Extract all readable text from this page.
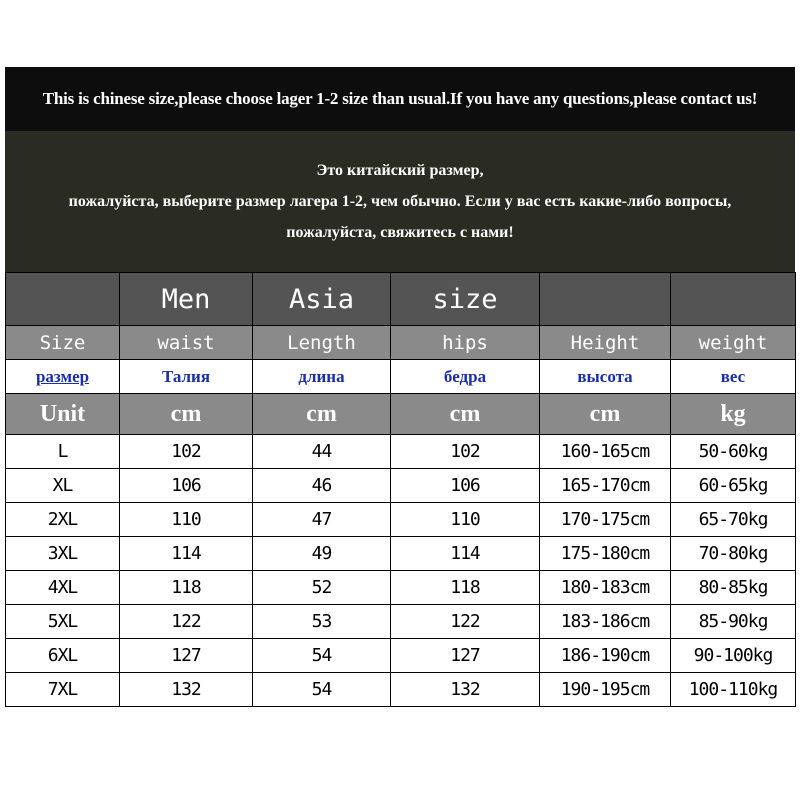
This is chinese size,please choose lager 1-2 size than usual.If you have any questions,please contact us!
Это китайский размер,
пожалуйста, выберите размер лагера 1-2, чем обычно. Если у вас есть какие-либо вопросы,
пожалуйста, свяжитесь с нами!
	Men	Asia	size		
Size	waist	Length	hips	Height	weight
размер	Талия	длина	бедра	высота	вес
Unit	cm	cm	cm	cm	kg
L	102	44	102	160-165cm	50-60kg
XL	106	46	106	165-170cm	60-65kg
2XL	110	47	110	170-175cm	65-70kg
3XL	114	49	114	175-180cm	70-80kg
4XL	118	52	118	180-183cm	80-85kg
5XL	122	53	122	183-186cm	85-90kg
6XL	127	54	127	186-190cm	90-100kg
7XL	132	54	132	190-195cm	100-110kg
